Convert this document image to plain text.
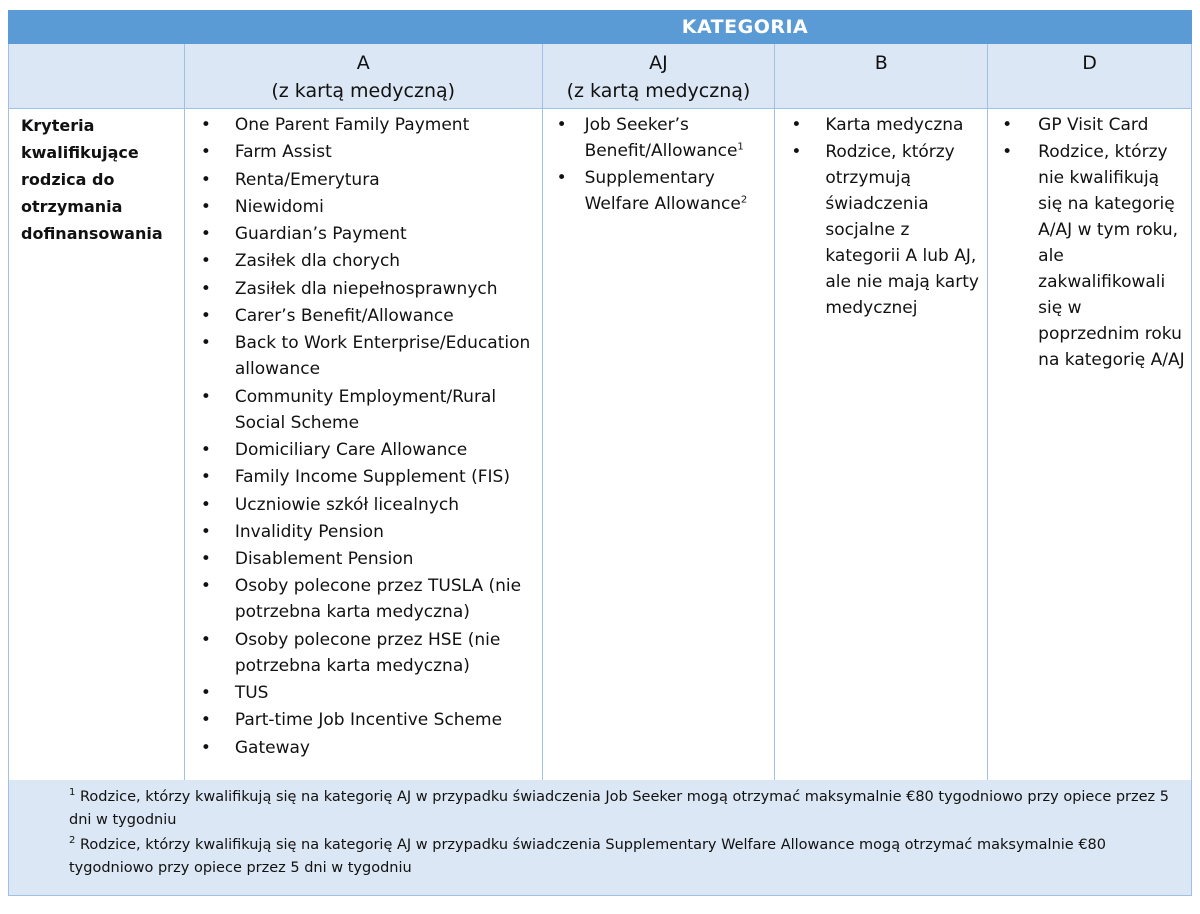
KATEGORIA
A
(z kartą medyczną)
AJ
(z kartą medyczną)
B	D
Kryteria kwalifikujące rodzica do otrzymania dofinansowania
• One Parent Family Payment
• Farm Assist
• Renta/Emerytura
• Niewidomi
• Guardian’s Payment
• Zasiłek dla chorych
• Zasiłek dla niepełnosprawnych
• Carer’s Benefit/Allowance
• Back to Work Enterprise/Education allowance
• Community Employment/Rural Social Scheme
• Domiciliary Care Allowance
• Family Income Supplement (FIS)
• Uczniowie szkół licealnych
• Invalidity Pension
• Disablement Pension
• Osoby polecone przez TUSLA (nie potrzebna karta medyczna)
• Osoby polecone przez HSE (nie potrzebna karta medyczna)
• TUS
• Part-time Job Incentive Scheme
• Gateway
• Job Seeker’s Benefit/Allowance$^1$
• Supplementary Welfare Allowance$^2$
• Karta medyczna
• Rodzice, którzy otrzymują świadczenia socjalne z kategorii A lub AJ, ale nie mają karty medycznej
• GP Visit Card
• Rodzice, którzy nie kwalifikują się na kategorię A/AJ w tym roku, ale zakwalifikowali się w poprzednim roku na kategorię A/AJ
$^1$ Rodzice, którzy kwalifikują się na kategorię AJ w przypadku świadczenia Job Seeker mogą otrzymać maksymalnie €80 tygodniowo przy opiece przez 5 dni w tygodniu
$^2$ Rodzice, którzy kwalifikują się na kategorię AJ w przypadku świadczenia Supplementary Welfare Allowance mogą otrzymać maksymalnie €80 tygodniowo przy opiece przez 5 dni w tygodniu
